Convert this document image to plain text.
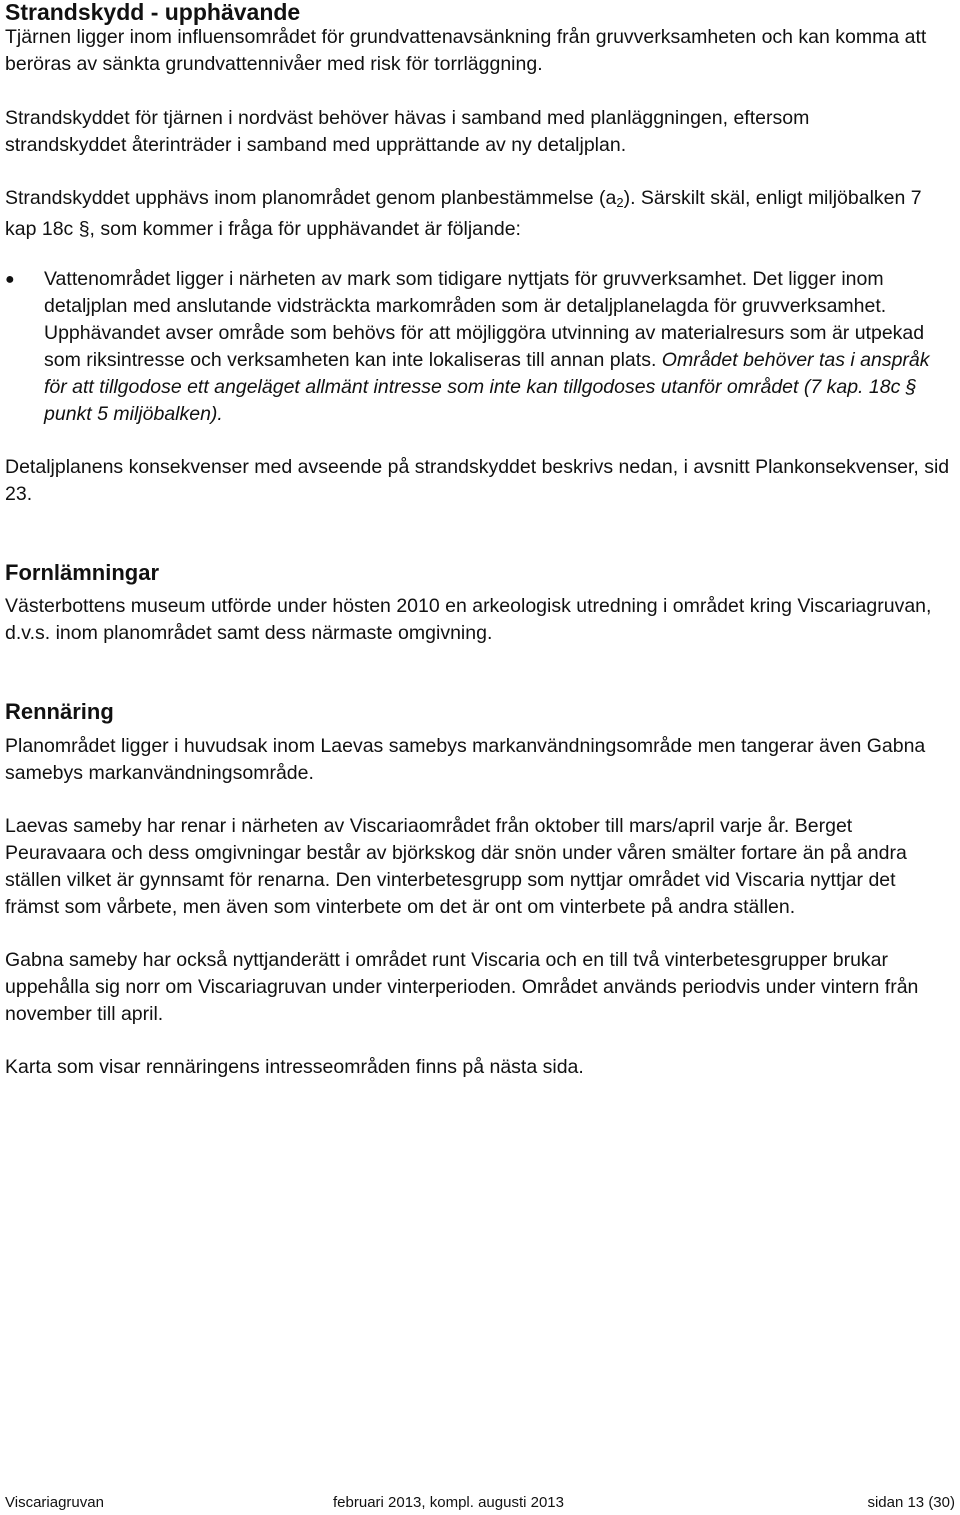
Strandskydd - upphävande

Tjärnen ligger inom influensområdet för grundvattenavsänkning från gruvverksamheten och kan komma att beröras av sänkta grundvattennivåer med risk för torrläggning.

Strandskyddet för tjärnen i nordväst behöver hävas i samband med planläggningen, eftersom strandskyddet återinträder i samband med upprättande av ny detaljplan.

Strandskyddet upphävs inom planområdet genom planbestämmelse $(a_2)$. Särskilt skäl, enligt miljöbalken 7 kap 18c §, som kommer i fråga för upphävandet är följande:

● Vattenområdet ligger i närheten av mark som tidigare nyttjats för gruvverksamhet. Det ligger inom detaljplan med anslutande vidsträckta markområden som är detaljplanelagda för gruvverksamhet. Upphävandet avser område som behövs för att möjliggöra utvinning av materialresurs som är utpekad som riksintresse och verksamheten kan inte lokaliseras till annan plats. Området behöver tas i anspråk för att tillgodose ett angeläget allmänt intresse som inte kan tillgodoses utanför området (7 kap. 18c § punkt 5 miljöbalken).

Detaljplanens konsekvenser med avseende på strandskyddet beskrivs nedan, i avsnitt Plankonsekvenser, sid 23.

Fornlämningar

Västerbottens museum utförde under hösten 2010 en arkeologisk utredning i området kring Viscariagruvan, d.v.s. inom planområdet samt dess närmaste omgivning.

Rennäring

Planområdet ligger i huvudsak inom Laevas samebys markanvändningsområde men tangerar även Gabna samebys markanvändningsområde.

Laevas sameby har renar i närheten av Viscariaområdet från oktober till mars/april varje år. Berget Peuravaara och dess omgivningar består av björkskog där snön under våren smälter fortare än på andra ställen vilket är gynnsamt för renarna. Den vinterbetesgrupp som nyttjar området vid Viscaria nyttjar det främst som vårbete, men även som vinterbete om det är ont om vinterbete på andra ställen.

Gabna sameby har också nyttjanderätt i området runt Viscaria och en till två vinterbetesgrupper brukar uppehålla sig norr om Viscariagruvan under vinterperioden. Området används periodvis under vintern från november till april.

Karta som visar rennäringens intresseområden finns på nästa sida.

Viscariagruvan	februari 2013, kompl. augusti 2013	sidan 13 (30)
